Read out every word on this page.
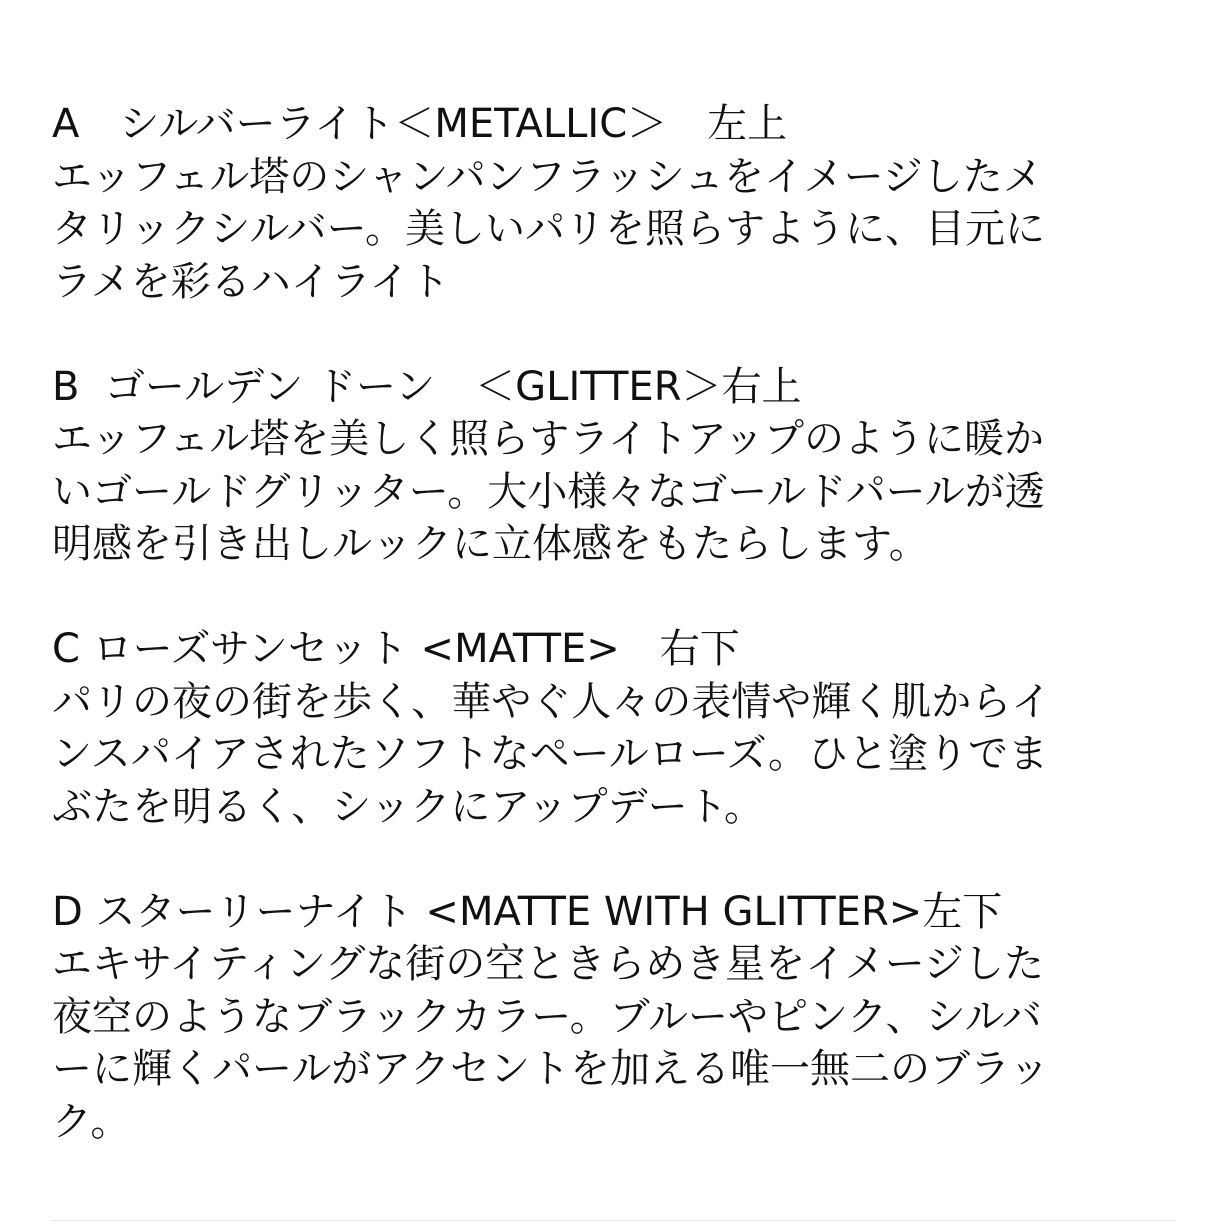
A　シルバーライト＜METALLIC＞　左上
エッフェル塔のシャンパンフラッシュをイメージしたメ
タリックシルバー。美しいパリを照らすように、目元に
ラメを彩るハイライト
B  ゴールデン ドーン　＜GLITTER＞右上
エッフェル塔を美しく照らすライトアップのように暖か
いゴールドグリッター。大小様々なゴールドパールが透
明感を引き出しルックに立体感をもたらします。
C ローズサンセット <MATTE>　右下
パリの夜の街を歩く、華やぐ人々の表情や輝く肌からイ
ンスパイアされたソフトなペールローズ。ひと塗りでま
ぶたを明るく、シックにアップデート。
D スターリーナイト <MATTE WITH GLITTER>左下
エキサイティングな街の空ときらめき星をイメージした
夜空のようなブラックカラー。ブルーやピンク、シルバ
ーに輝くパールがアクセントを加える唯一無二のブラッ
ク。
